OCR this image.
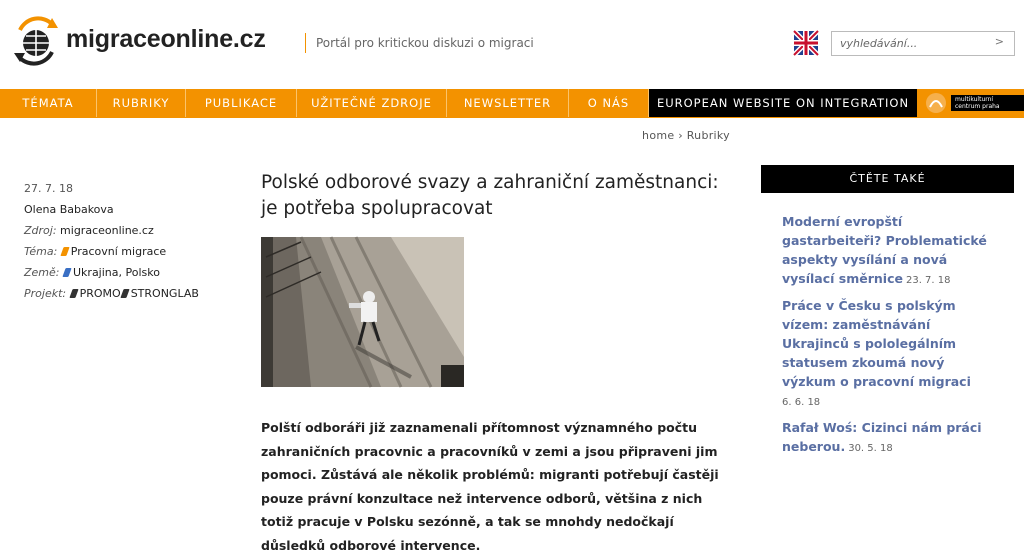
migraceonline.cz	Portál pro kritickou diskuzi o migraci
vyhledávání...	>
TÉMATA	RUBRIKY	PUBLIKACE	UŽITEČNÉ ZDROJE	NEWSLETTER	O NÁS	EUROPEAN WEBSITE ON INTEGRATION	multikulturní centrum praha
home › Rubriky
27. 7. 18
Olena Babakova
Zdroj: migraceonline.cz
Téma: Pracovní migrace
Země: Ukrajina, Polsko
Projekt: PROMO STRONGLAB
Polské odborové svazy a zahraniční zaměstnanci: je potřeba spolupracovat
Polští odboráři již zaznamenali přítomnost významného počtu zahraničních pracovnic a pracovníků v zemi a jsou připraveni jim pomoci. Zůstává ale několik problémů: migranti potřebují častěji pouze právní konzultace než intervence odborů, většina z nich totiž pracuje v Polsku sezónně, a tak se mnohdy nedočkají důsledků odborové intervence.
ČTĚTE TAKÉ
Moderní evropští gastarbeiteři? Problematické aspekty vysílání a nová vysílací směrnice 23. 7. 18
Práce v Česku s polským vízem: zaměstnávání Ukrajinců s pololegálním statusem zkoumá nový výzkum o pracovní migraci
6. 6. 18
Rafał Woś: Cizinci nám práci neberou. 30. 5. 18
